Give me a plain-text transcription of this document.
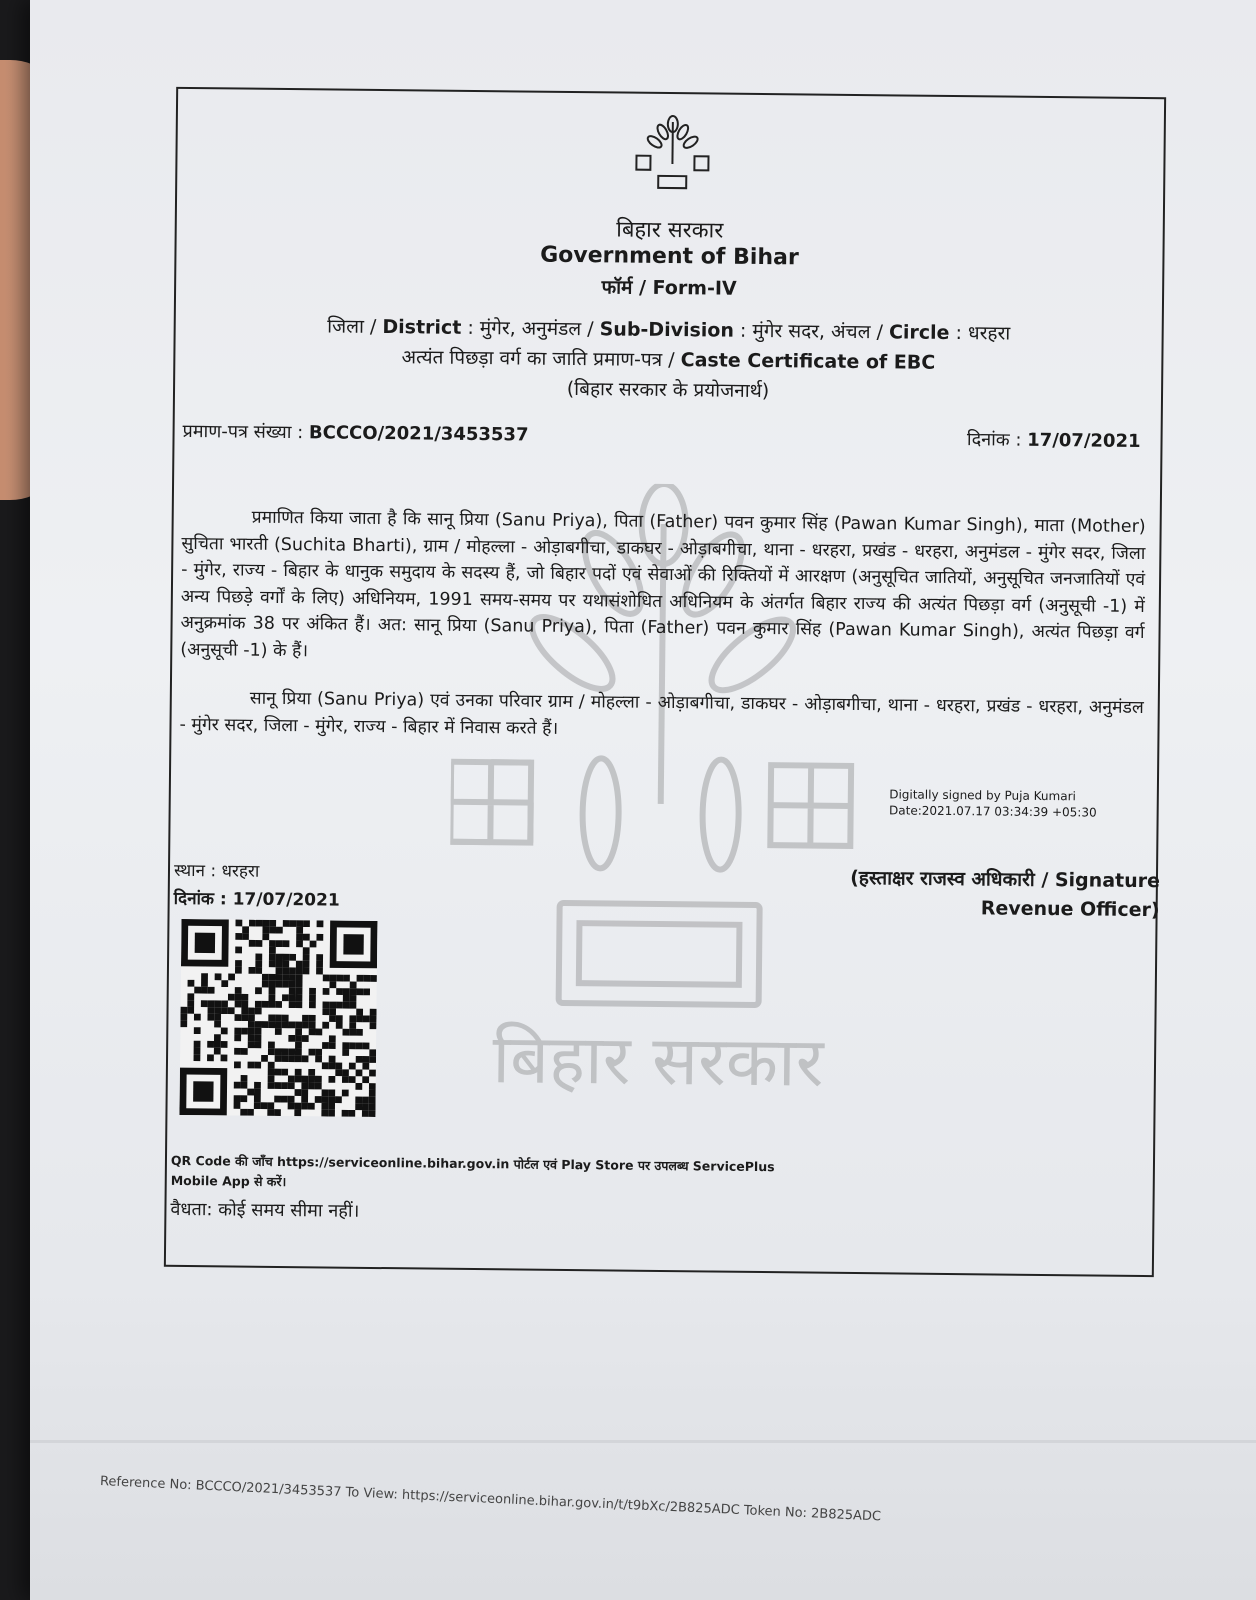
बिहार सरकार
बिहार सरकार
Government of Bihar
फॉर्म / Form-IV
जिला / District : मुंगेर, अनुमंडल / Sub-Division : मुंगेर सदर, अंचल / Circle : धरहरा
अत्यंत पिछड़ा वर्ग का जाति प्रमाण-पत्र / Caste Certificate of EBC
(बिहार सरकार के प्रयोजनार्थ)
प्रमाण-पत्र संख्या : BCCCO/2021/3453537	दिनांक : 17/07/2021
प्रमाणित किया जाता है कि सानू प्रिया (Sanu Priya), पिता (Father) पवन कुमार सिंह (Pawan Kumar Singh), माता (Mother) सुचिता भारती (Suchita Bharti), ग्राम / मोहल्ला - ओड़ाबगीचा, डाकघर - ओड़ाबगीचा, थाना - धरहरा, प्रखंड - धरहरा, अनुमंडल - मुंगेर सदर, जिला - मुंगेर, राज्य - बिहार के धानुक समुदाय के सदस्य हैं, जो बिहार पदों एवं सेवाओं की रिक्तियों में आरक्षण (अनुसूचित जातियों, अनुसूचित जनजातियों एवं अन्य पिछड़े वर्गों के लिए) अधिनियम, 1991 समय-समय पर यथासंशोधित अधिनियम के अंतर्गत बिहार राज्य की अत्यंत पिछड़ा वर्ग (अनुसूची -1) में अनुक्रमांक 38 पर अंकित हैं। अत: सानू प्रिया (Sanu Priya), पिता (Father) पवन कुमार सिंह (Pawan Kumar Singh), अत्यंत पिछड़ा वर्ग (अनुसूची -1) के हैं।
सानू प्रिया (Sanu Priya) एवं उनका परिवार ग्राम / मोहल्ला - ओड़ाबगीचा, डाकघर - ओड़ाबगीचा, थाना - धरहरा, प्रखंड - धरहरा, अनुमंडल - मुंगेर सदर, जिला - मुंगेर, राज्य - बिहार में निवास करते हैं।
Digitally signed by Puja Kumari
Date:2021.07.17 03:34:39 +05:30
स्थान : धरहरा
दिनांक : 17/07/2021
(हस्ताक्षर राजस्व अधिकारी / Signature
Revenue Officer)
QR Code की जाँच https://serviceonline.bihar.gov.in पोर्टल एवं Play Store पर उपलब्ध ServicePlus Mobile App से करें।
वैधता: कोई समय सीमा नहीं।
Reference No: BCCCO/2021/3453537 To View: https://serviceonline.bihar.gov.in/t/t9bXc/2B825ADC Token No: 2B825ADC
